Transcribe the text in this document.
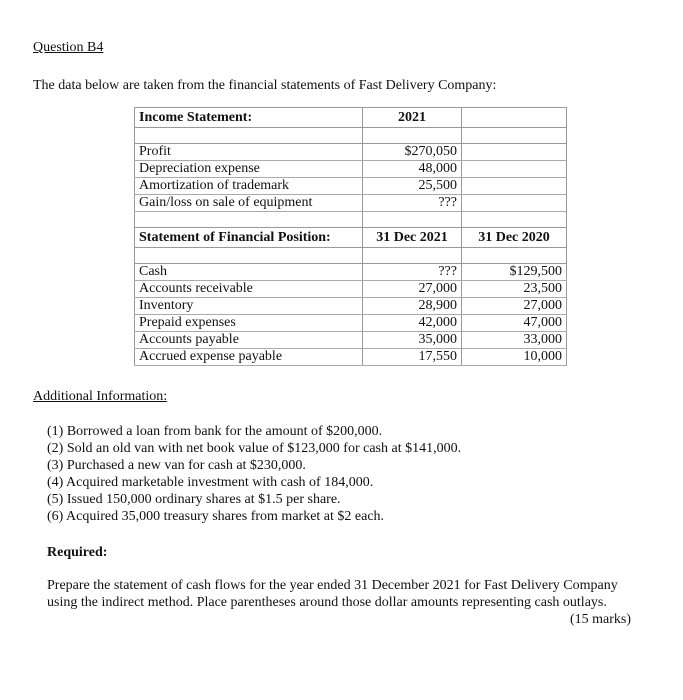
Question B4
The data below are taken from the financial statements of Fast Delivery Company:
Income Statement:	2021	

Profit	$270,050	
Depreciation expense	48,000	
Amortization of trademark	25,500	
Gain/loss on sale of equipment	???	

Statement of Financial Position:	31 Dec 2021	31 Dec 2020

Cash	???	$129,500
Accounts receivable	27,000	23,500
Inventory	28,900	27,000
Prepaid expenses	42,000	47,000
Accounts payable	35,000	33,000
Accrued expense payable	17,550	10,000
Additional Information:
(1) Borrowed a loan from bank for the amount of $200,000.
(2) Sold an old van with net book value of $123,000 for cash at $141,000.
(3) Purchased a new van for cash at $230,000.
(4) Acquired marketable investment with cash of 184,000.
(5) Issued 150,000 ordinary shares at $1.5 per share.
(6) Acquired 35,000 treasury shares from market at $2 each.
Required:
Prepare the statement of cash flows for the year ended 31 December 2021 for Fast Delivery Company
using the indirect method. Place parentheses around those dollar amounts representing cash outlays.
(15 marks)
